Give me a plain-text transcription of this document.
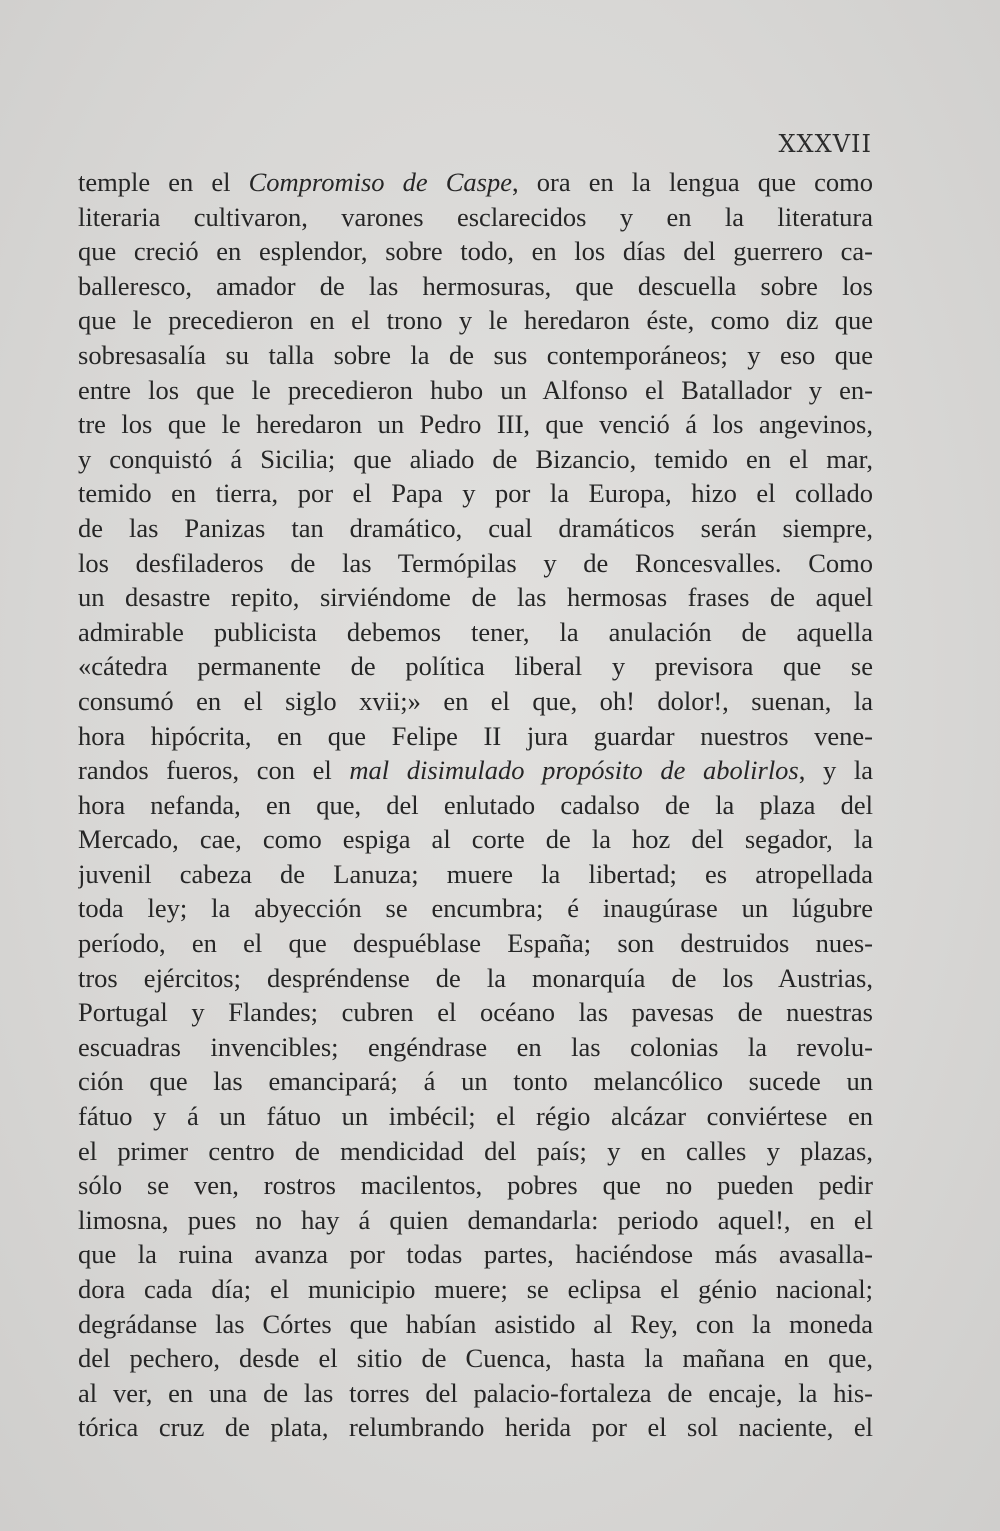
XXXVII
temple en el Compromiso de Caspe, ora en la lengua que como
literaria cultivaron, varones esclarecidos y en la literatura
que creció en esplendor, sobre todo, en los días del guerrero ca-
balleresco, amador de las hermosuras, que descuella sobre los
que le precedieron en el trono y le heredaron éste, como diz que
sobresasalía su talla sobre la de sus contemporáneos; y eso que
entre los que le precedieron hubo un Alfonso el Batallador y en-
tre los que le heredaron un Pedro III, que venció á los angevinos,
y conquistó á Sicilia; que aliado de Bizancio, temido en el mar,
temido en tierra, por el Papa y por la Europa, hizo el collado
de las Panizas tan dramático, cual dramáticos serán siempre,
los desfiladeros de las Termópilas y de Roncesvalles. Como
un desastre repito, sirviéndome de las hermosas frases de aquel
admirable publicista debemos tener, la anulación de aquella
«cátedra permanente de política liberal y previsora que se
consumó en el siglo xvii;» en el que, oh! dolor!, suenan, la
hora hipócrita, en que Felipe II jura guardar nuestros vene-
randos fueros, con el mal disimulado propósito de abolirlos, y la
hora nefanda, en que, del enlutado cadalso de la plaza del
Mercado, cae, como espiga al corte de la hoz del segador, la
juvenil cabeza de Lanuza; muere la libertad; es atropellada
toda ley; la abyección se encumbra; é inaugúrase un lúgubre
período, en el que despuéblase España; son destruidos nues-
tros ejércitos; despréndense de la monarquía de los Austrias,
Portugal y Flandes; cubren el océano las pavesas de nuestras
escuadras invencibles; engéndrase en las colonias la revolu-
ción que las emancipará; á un tonto melancólico sucede un
fátuo y á un fátuo un imbécil; el régio alcázar conviértese en
el primer centro de mendicidad del país; y en calles y plazas,
sólo se ven, rostros macilentos, pobres que no pueden pedir
limosna, pues no hay á quien demandarla: periodo aquel!, en el
que la ruina avanza por todas partes, haciéndose más avasalla-
dora cada día; el municipio muere; se eclipsa el génio nacional;
degrádanse las Córtes que habían asistido al Rey, con la moneda
del pechero, desde el sitio de Cuenca, hasta la mañana en que,
al ver, en una de las torres del palacio-fortaleza de encaje, la his-
tórica cruz de plata, relumbrando herida por el sol naciente, el
